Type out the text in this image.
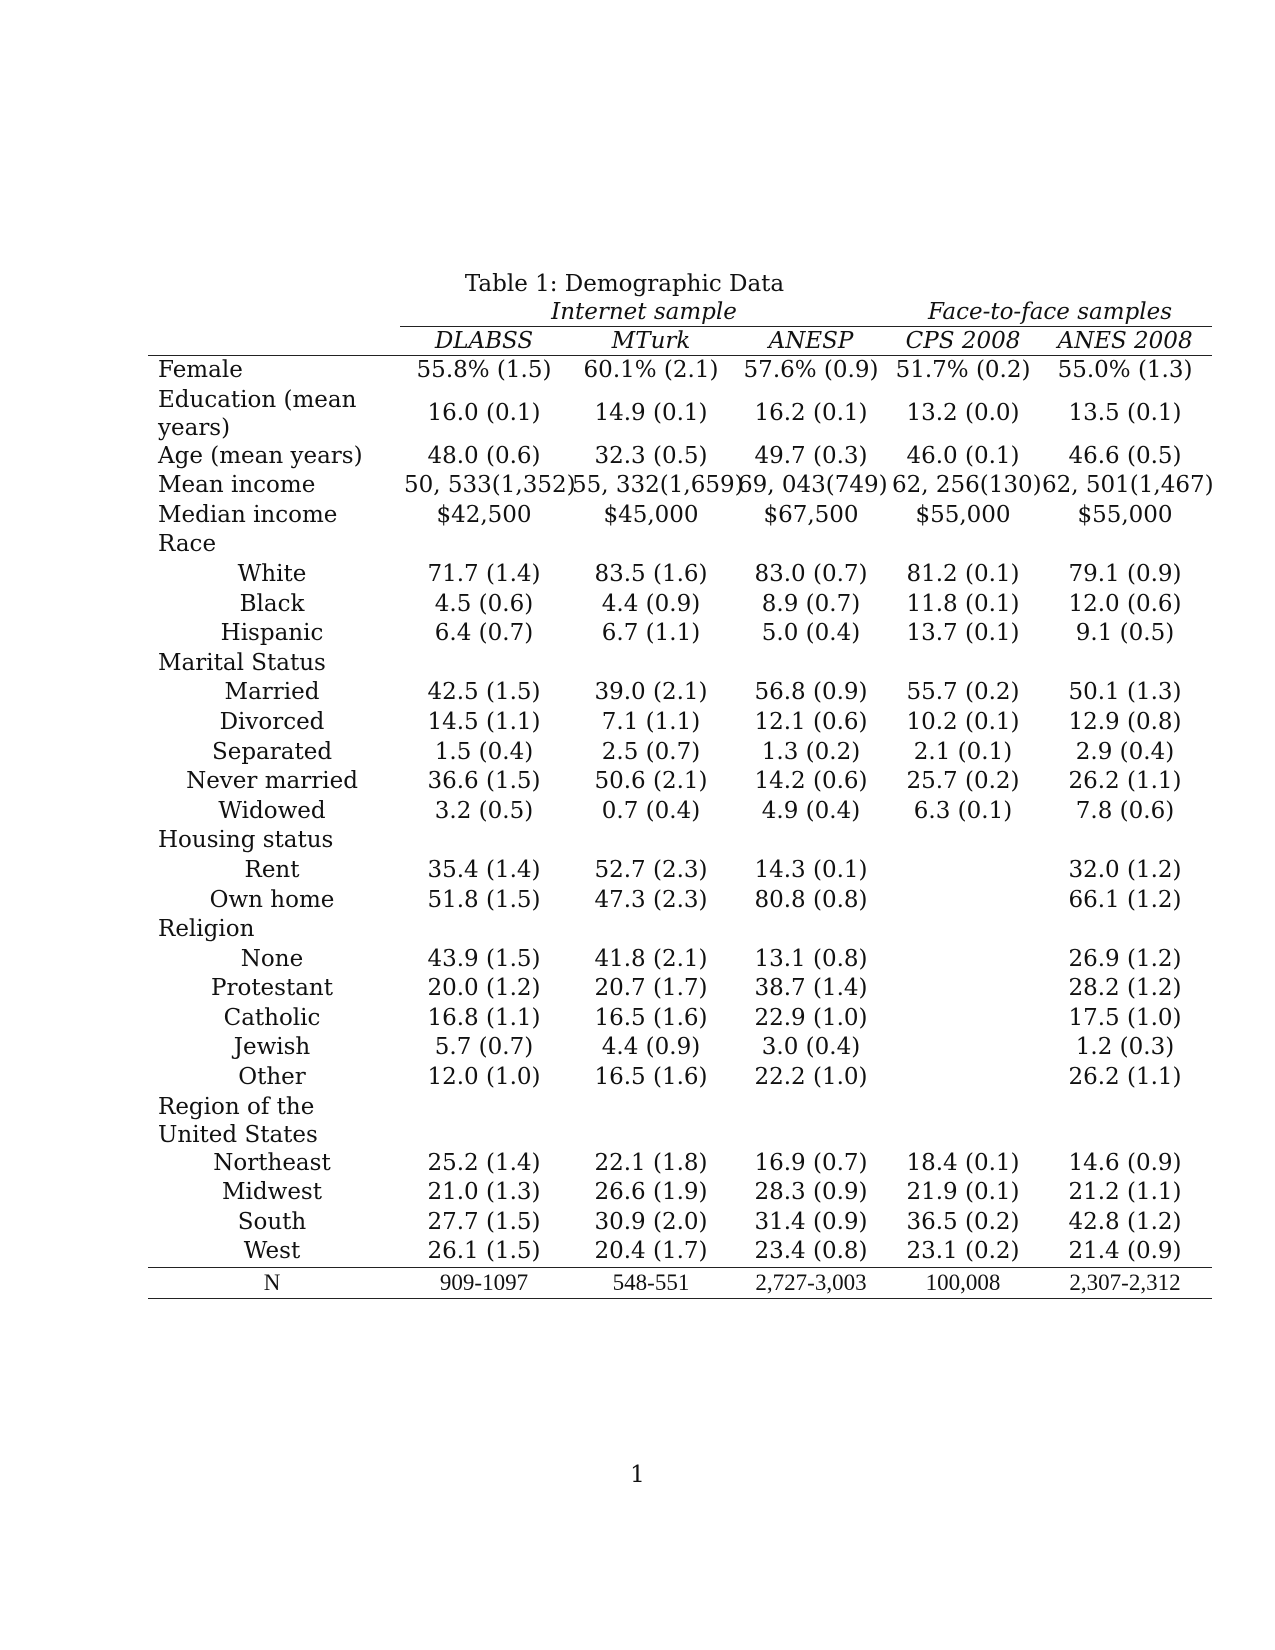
Table 1: Demographic Data
	Internet sample			Face-to-face samples	
	DLABSS	MTurk	ANESP	CPS 2008	ANES 2008
Female	55.8% (1.5)	60.1% (2.1)	57.6% (0.9)	51.7% (0.2)	55.0% (1.3)
Education (mean years)	16.0 (0.1)	14.9 (0.1)	16.2 (0.1)	13.2 (0.0)	13.5 (0.1)
Age (mean years)	48.0 (0.6)	32.3 (0.5)	49.7 (0.3)	46.0 (0.1)	46.6 (0.5)
Mean income	50, 533(1,352)	55, 332(1,659)	69, 043(749)	62, 256(130)	62, 501(1,467)
Median income	$42,500	$45,000	$67,500	$55,000	$55,000
Race					
White	71.7 (1.4)	83.5 (1.6)	83.0 (0.7)	81.2 (0.1)	79.1 (0.9)
Black	4.5 (0.6)	4.4 (0.9)	8.9 (0.7)	11.8 (0.1)	12.0 (0.6)
Hispanic	6.4 (0.7)	6.7 (1.1)	5.0 (0.4)	13.7 (0.1)	9.1 (0.5)
Marital Status					
Married	42.5 (1.5)	39.0 (2.1)	56.8 (0.9)	55.7 (0.2)	50.1 (1.3)
Divorced	14.5 (1.1)	7.1 (1.1)	12.1 (0.6)	10.2 (0.1)	12.9 (0.8)
Separated	1.5 (0.4)	2.5 (0.7)	1.3 (0.2)	2.1 (0.1)	2.9 (0.4)
Never married	36.6 (1.5)	50.6 (2.1)	14.2 (0.6)	25.7 (0.2)	26.2 (1.1)
Widowed	3.2 (0.5)	0.7 (0.4)	4.9 (0.4)	6.3 (0.1)	7.8 (0.6)
Housing status					
Rent	35.4 (1.4)	52.7 (2.3)	14.3 (0.1)		32.0 (1.2)
Own home	51.8 (1.5)	47.3 (2.3)	80.8 (0.8)		66.1 (1.2)
Religion					
None	43.9 (1.5)	41.8 (2.1)	13.1 (0.8)		26.9 (1.2)
Protestant	20.0 (1.2)	20.7 (1.7)	38.7 (1.4)		28.2 (1.2)
Catholic	16.8 (1.1)	16.5 (1.6)	22.9 (1.0)		17.5 (1.0)
Jewish	5.7 (0.7)	4.4 (0.9)	3.0 (0.4)		1.2 (0.3)
Other	12.0 (1.0)	16.5 (1.6)	22.2 (1.0)		26.2 (1.1)
Region of the United States					
Northeast	25.2 (1.4)	22.1 (1.8)	16.9 (0.7)	18.4 (0.1)	14.6 (0.9)
Midwest	21.0 (1.3)	26.6 (1.9)	28.3 (0.9)	21.9 (0.1)	21.2 (1.1)
South	27.7 (1.5)	30.9 (2.0)	31.4 (0.9)	36.5 (0.2)	42.8 (1.2)
West	26.1 (1.5)	20.4 (1.7)	23.4 (0.8)	23.1 (0.2)	21.4 (0.9)
N	909-1097	548-551	2,727-3,003	100,008	2,307-2,312
1
